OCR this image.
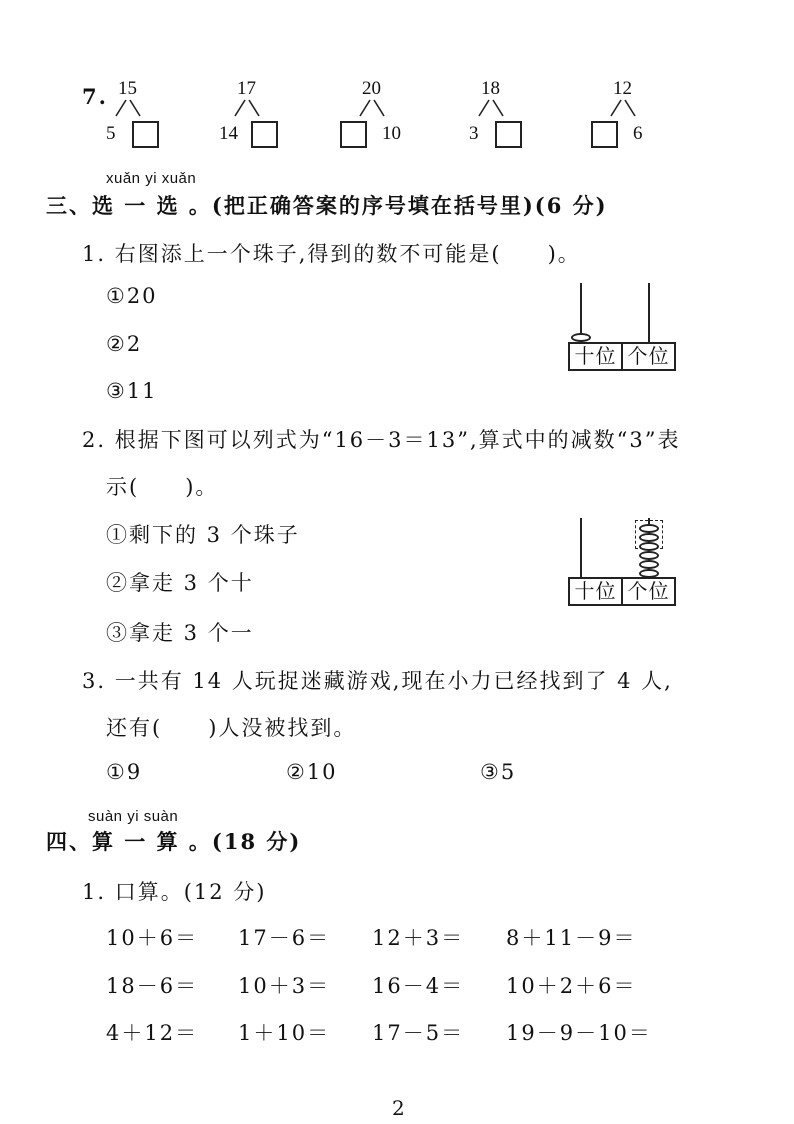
7. 15
5
17
14
20
10
18
3
12
6
xuǎn yi xuǎn
三、选 一 选 。(把正确答案的序号填在括号里)(6 分)
1. 右图添上一个珠子,得到的数不可能是(　　)。
①20
②2
③11
十位 个位
2. 根据下图可以列式为“16－3＝13”,算式中的减数“3”表
示(　　)。
①剩下的 3 个珠子
②拿走 3 个十
③拿走 3 个一
十位 个位
3. 一共有 14 人玩捉迷藏游戏,现在小力已经找到了 4 人,
还有(　　)人没被找到。
①9	②10	③5
suàn yi suàn
四、算 一 算 。(18 分)
1. 口算。(12 分)
10＋6＝ 17－6＝ 12＋3＝ 8＋11－9＝
18－6＝ 10＋3＝ 16－4＝ 10＋2＋6＝
4＋12＝ 1＋10＝ 17－5＝ 19－9－10＝
2
